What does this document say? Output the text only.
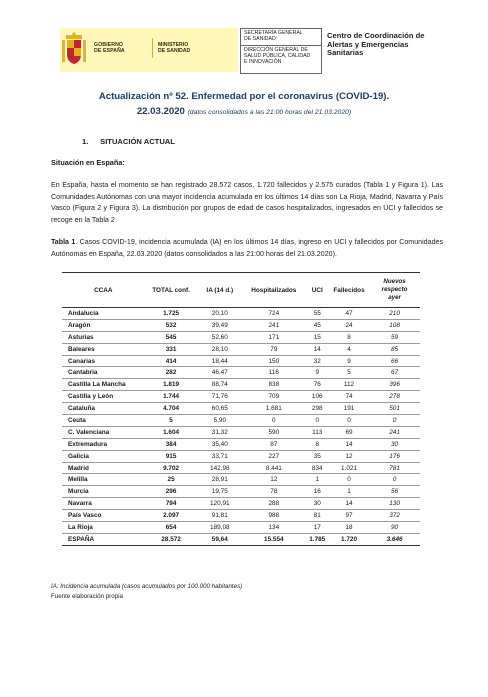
GOBIERNO
DE ESPAÑA
MINISTERIO
DE SANIDAD
SECRETARÍA GENERAL
DE SANIDAD
DIRECCIÓN GENERAL DE
SALUD PÚBLICA, CALIDAD
E INNOVACIÓN
Centro de Coordinación de
Alertas y Emergencias
Sanitarias
Actualización nº 52. Enfermedad por el coronavirus (COVID-19).
22.03.2020 (datos consolidados a las 21:00 horas del 21.03.2020)
1. SITUACIÓN ACTUAL
Situación en España:
En España, hasta el momento se han registrado 28.572 casos, 1.720 fallecidos y 2.575 curados (Tabla 1 y Figura 1). Las Comunidades Autónomas con una mayor incidencia acumulada en los últimos 14 días son La Rioja, Madrid, Navarra y País Vasco (Figura 2 y Figura 3). La distribución por grupos de edad de casos hospitalizados, ingresados en UCI y fallecidos se recoge en la Tabla 2
Tabla 1. Casos COVID-19, incidencia acumulada (IA) en los últimos 14 días, ingreso en UCI y fallecidos por Comunidades Autónomas en España, 22.03.2020 (datos consolidados a las 21:00 horas del 21.03.2020).
CCAA	TOTAL conf.	IA (14 d.)	Hospitalizados	UCI	Fallecidos	Nuevos
respecto
ayer

Andalucía	1.725	20,10	724	55	47	210
Aragón	532	39,49	241	45	24	108
Asturias	545	52,60	171	15	8	59
Baleares	331	28,10	79	14	4	85
Canarias	414	18,44	150	32	9	66
Cantabria	282	46,47	116	9	5	67
Castilla La Mancha	1.819	88,74	838	76	112	396
Castilla y León	1.744	71,76	709	106	74	278
Cataluña	4.704	60,65	1.681	298	191	501
Ceuta	5	5,90	0	0	0	0
C. Valenciana	1.604	31,32	590	113	69	241
Extremadura	384	35,40	87	8	14	30
Galicia	915	33,71	227	35	12	176
Madrid	9.702	142,98	8.441	834	1.021	781
Melilla	25	28,91	12	1	0	0
Murcia	296	19,75	78	16	1	56
Navarra	794	120,91	288	30	14	130
País Vasco	2.097	91,81	988	81	97	372
La Rioja	654	189,08	134	17	18	90
ESPAÑA	28.572	59,64	15.554	1.785	1.720	3.646
IA: Incidencia acumulada (casos acumulados por 100.000 habitantes)
Fuente elaboración propia
